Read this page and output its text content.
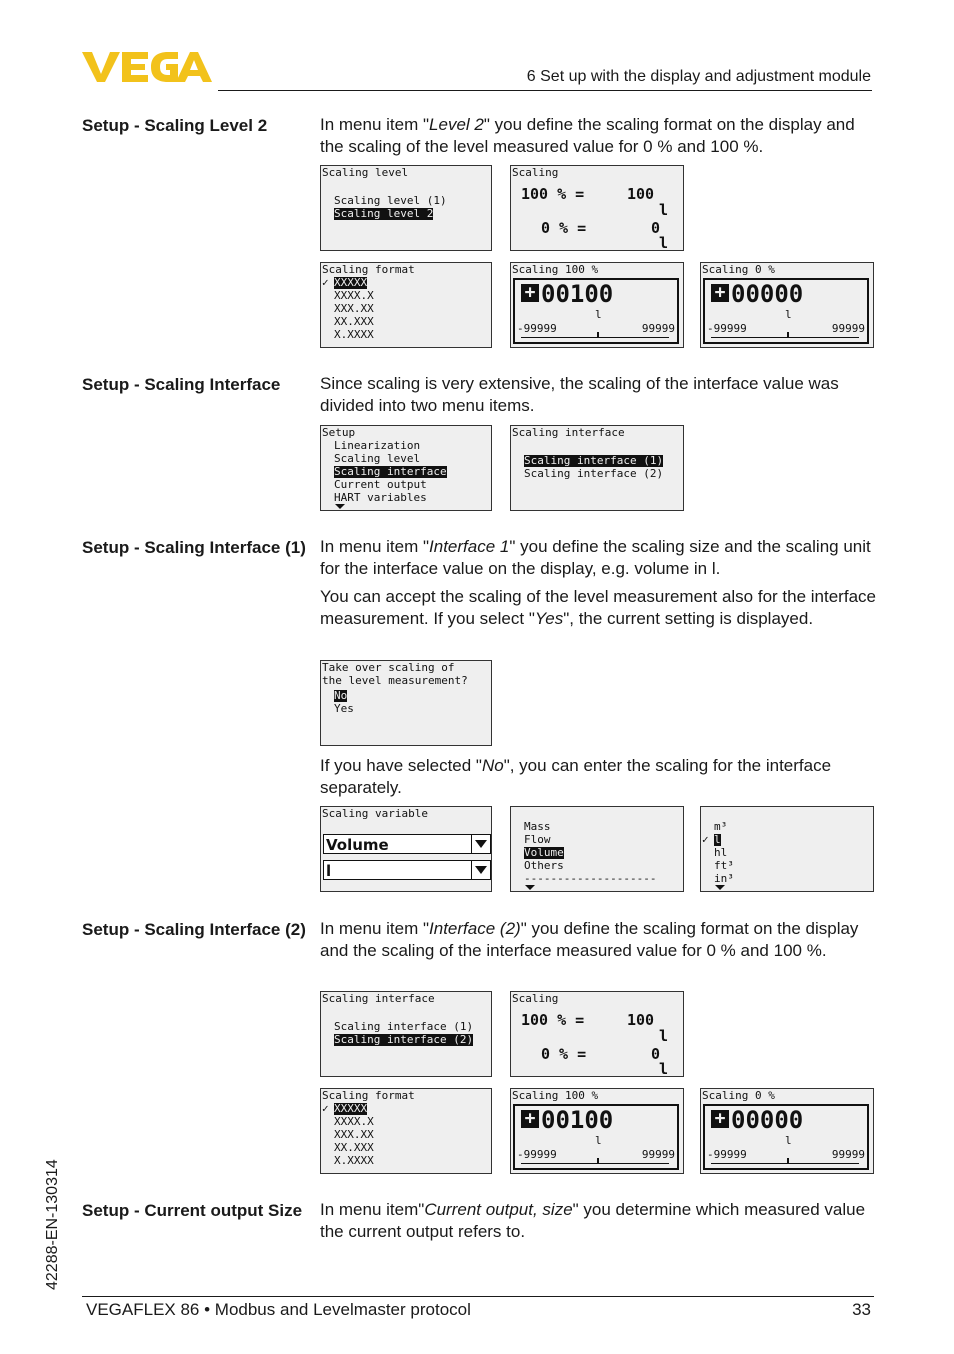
6 Set up with the display and adjustment module
Setup - Scaling Level 2	In menu item "Level 2" you define the scaling format on the display and the scaling of the level measured value for 0 % and 100 %.
Scaling level
Scaling level (1)
Scaling level 2
Scaling
100 % =	100
l
0 % =	0
l
Scaling format
✓ XXXXX
XXXX.X
XXX.XX
XX.XXX
X.XXXX
Scaling 100 %
+ 00100
l
-99999	99999
Scaling 0 %
+ 00000
l
-99999	99999
Setup - Scaling Interface	Since scaling is very extensive, the scaling of the interface value was divided into two menu items.
Setup
Linearization
Scaling level
Scaling interface
Current output
HART variables
Scaling interface
Scaling interface (1)
Scaling interface (2)
Setup - Scaling Interface (1) In menu item "Interface 1" you define the scaling size and the scaling unit for the interface value on the display, e.g. volume in l.
You can accept the scaling of the level measurement also for the interface measurement. If you select "Yes", the current setting is displayed.
Take over scaling of
the level measurement?
No
Yes
If you have selected "No", you can enter the scaling for the interface separately.
Scaling variable
Volume
l
Mass
Flow
Volume
Others
--------------------
m³
✓ l
hl
ft³
in³
Setup - Scaling Interface (2) In menu item "Interface (2)" you define the scaling format on the display and the scaling of the interface measured value for 0 % and 100 %.
Scaling interface
Scaling interface (1)
Scaling interface (2)
Scaling
100 % =	100
l
0 % =	0
l
Scaling format
✓ XXXXX
XXXX.X
XXX.XX
XX.XXX
X.XXXX
Scaling 100 %
+ 00100
l
-99999	99999
Scaling 0 %
+ 00000
l
-99999	99999
Setup - Current output Size In menu item"Current output, size" you determine which measured value the current output refers to.
42288-EN-130314
VEGAFLEX 86 • Modbus and Levelmaster protocol	33
